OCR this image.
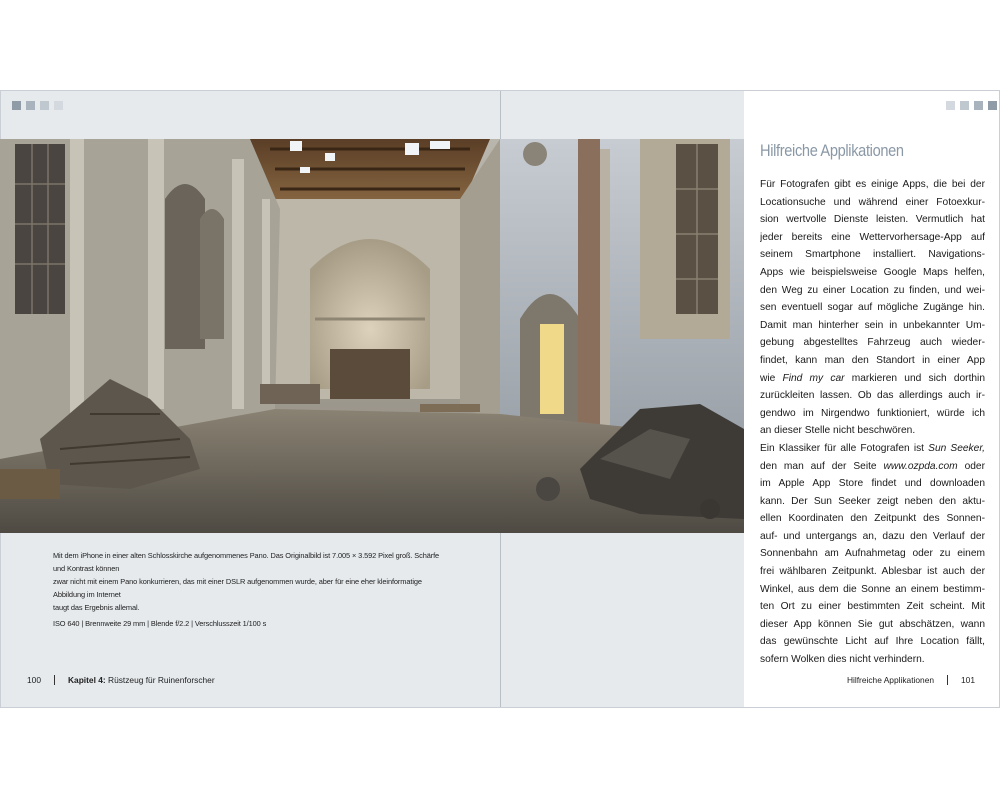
Mit dem iPhone in einer alten Schlosskirche aufgenommenes Pano. Das Originalbild ist 7.005 × 3.592 Pixel groß. Schärfe und Kontrast können
zwar nicht mit einem Pano konkurrieren, das mit einer DSLR aufgenommen wurde, aber für eine eher kleinformatige Abbildung im Internet
taugt das Ergebnis allemal.
ISO 640 | Brennweite 29 mm | Blende f/2.2 | Verschlusszeit 1/100 s
Hilfreiche Applikationen
Für Fotografen gibt es einige Apps, die bei der
Locationsuche und während einer Fotoexkur-
sion wertvolle Dienste leisten. Vermutlich hat
jeder bereits eine Wettervorhersage-App auf
seinem Smartphone installiert. Navigations-
Apps wie beispielsweise Google Maps helfen,
den Weg zu einer Location zu finden, und wei-
sen eventuell sogar auf mögliche Zugänge hin.
Damit man hinterher sein in unbekannter Um-
gebung abgestelltes Fahrzeug auch wieder-
findet, kann man den Standort in einer App
wie Find my car markieren und sich dorthin
zurückleiten lassen. Ob das allerdings auch ir-
gendwo im Nirgendwo funktioniert, würde ich
an dieser Stelle nicht beschwören.
Ein Klassiker für alle Fotografen ist Sun Seeker,
den man auf der Seite www.ozpda.com oder
im Apple App Store findet und downloaden
kann. Der Sun Seeker zeigt neben den aktu-
ellen Koordinaten den Zeitpunkt des Sonnen-
auf- und untergangs an, dazu den Verlauf der
Sonnenbahn am Aufnahmetag oder zu einem
frei wählbaren Zeitpunkt. Ablesbar ist auch der
Winkel, aus dem die Sonne an einem bestimm-
ten Ort zu einer bestimmten Zeit scheint. Mit
dieser App können Sie gut abschätzen, wann
das gewünschte Licht auf Ihre Location fällt,
sofern Wolken dies nicht verhindern.
100	Kapitel 4: Rüstzeug für Ruinenforscher	Hilfreiche Applikationen	101
